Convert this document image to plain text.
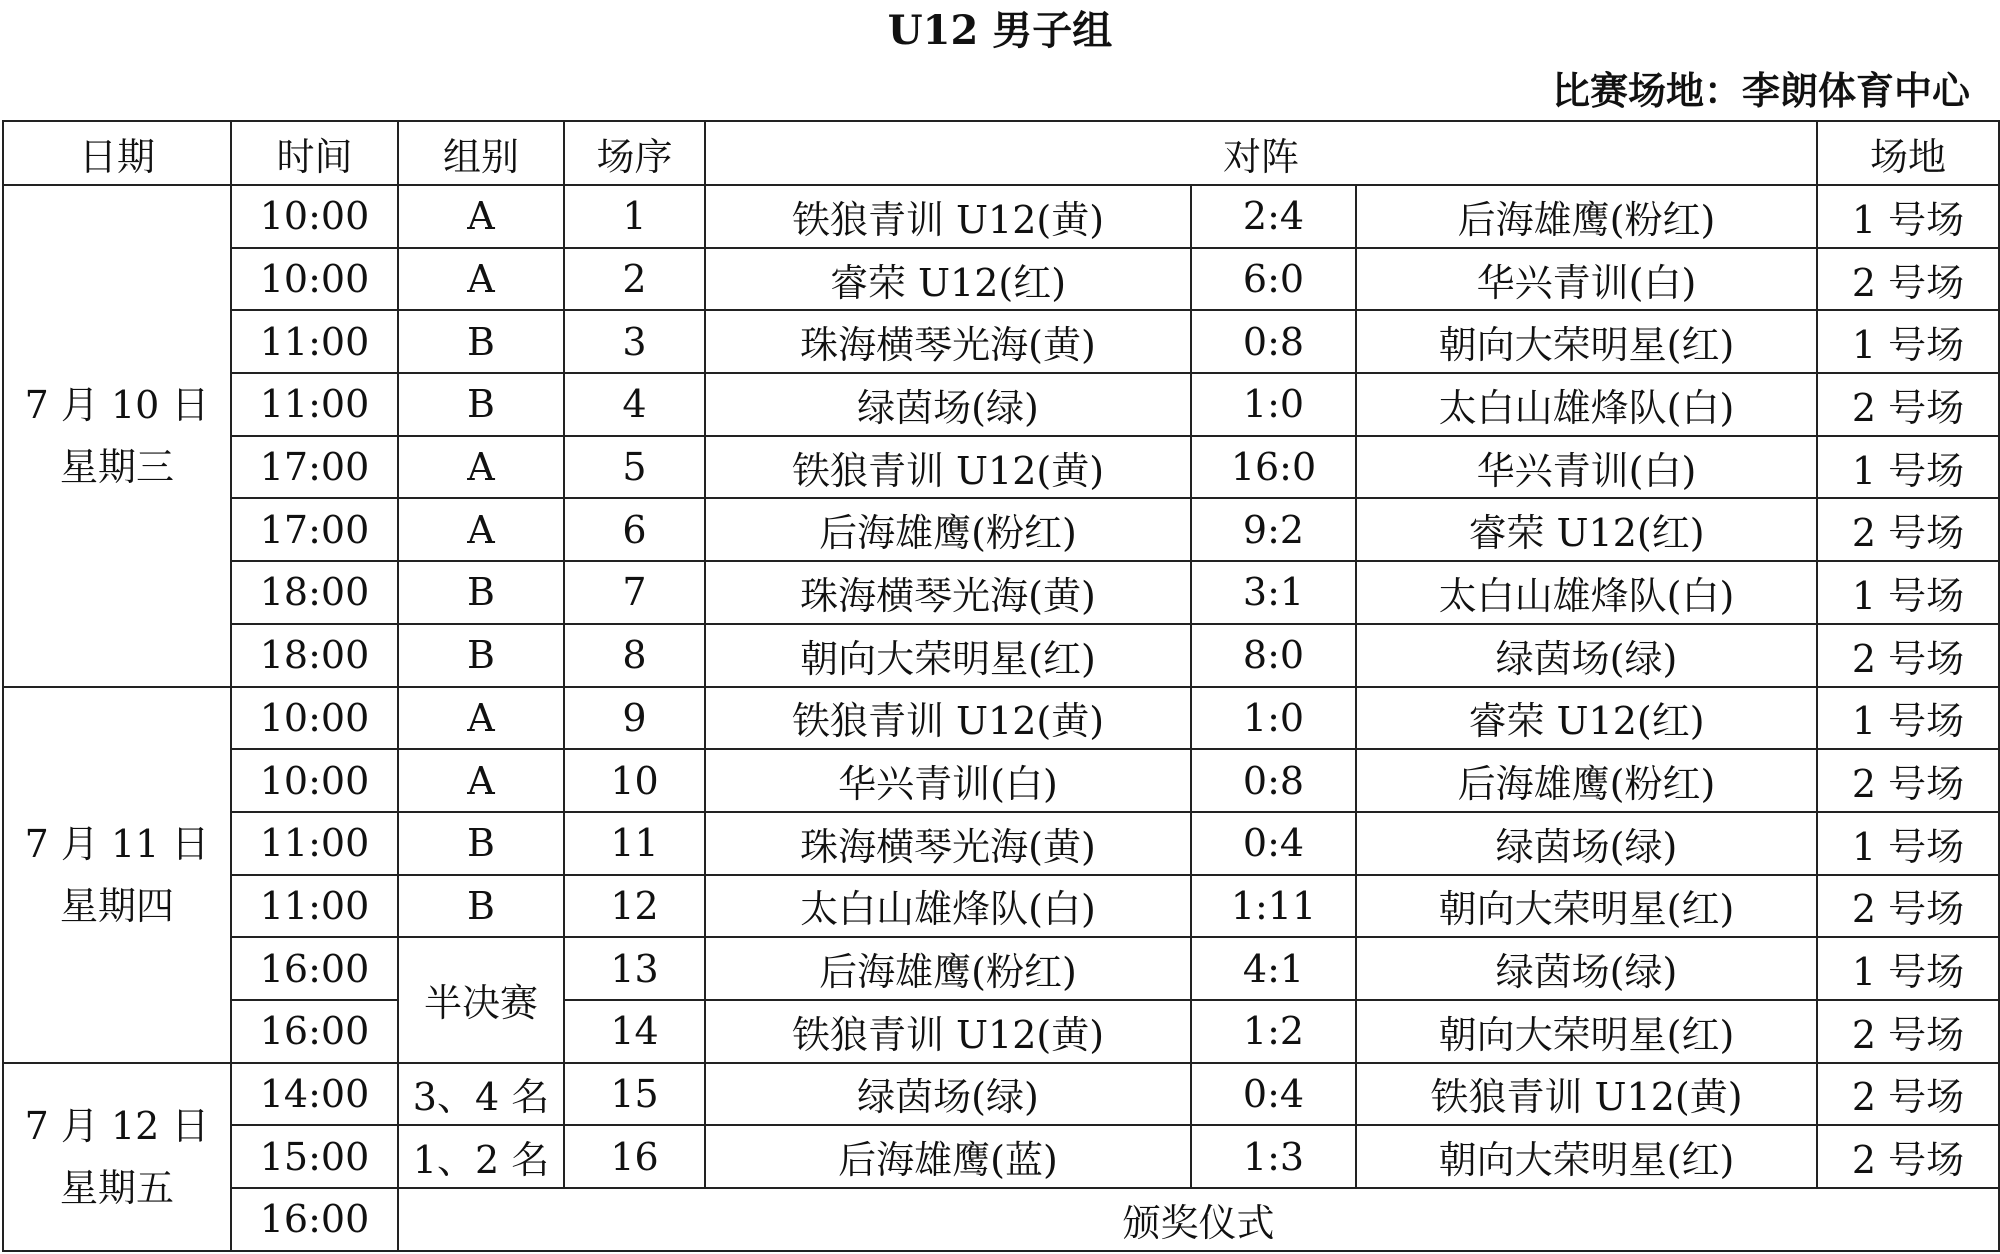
U12 男子组
比赛场地：李朗体育中心
日期	时间	组别	场序	对阵			场地

7 月 10 日
星期三	10:00	A	1	铁狼青训 U12(黄)	2:4	后海雄鹰(粉红)	1 号场
	10:00	A	2	睿荣 U12(红)	6:0	华兴青训(白)	2 号场
	11:00	B	3	珠海横琴光海(黄)	0:8	朝向大荣明星(红)	1 号场
	11:00	B	4	绿茵场(绿)	1:0	太白山雄烽队(白)	2 号场
	17:00	A	5	铁狼青训 U12(黄)	16:0	华兴青训(白)	1 号场
	17:00	A	6	后海雄鹰(粉红)	9:2	睿荣 U12(红)	2 号场
	18:00	B	7	珠海横琴光海(黄)	3:1	太白山雄烽队(白)	1 号场
	18:00	B	8	朝向大荣明星(红)	8:0	绿茵场(绿)	2 号场

7 月 11 日
星期四	10:00	A	9	铁狼青训 U12(黄)	1:0	睿荣 U12(红)	1 号场
	10:00	A	10	华兴青训(白)	0:8	后海雄鹰(粉红)	2 号场
	11:00	B	11	珠海横琴光海(黄)	0:4	绿茵场(绿)	1 号场
	11:00	B	12	太白山雄烽队(白)	1:11	朝向大荣明星(红)	2 号场
	16:00	半决赛	13	后海雄鹰(粉红)	4:1	绿茵场(绿)	1 号场
	16:00		14	铁狼青训 U12(黄)	1:2	朝向大荣明星(红)	2 号场

7 月 12 日
星期五	14:00	3、4 名	15	绿茵场(绿)	0:4	铁狼青训 U12(黄)	2 号场
	15:00	1、2 名	16	后海雄鹰(蓝)	1:3	朝向大荣明星(红)	2 号场
	16:00	颁奖仪式					
